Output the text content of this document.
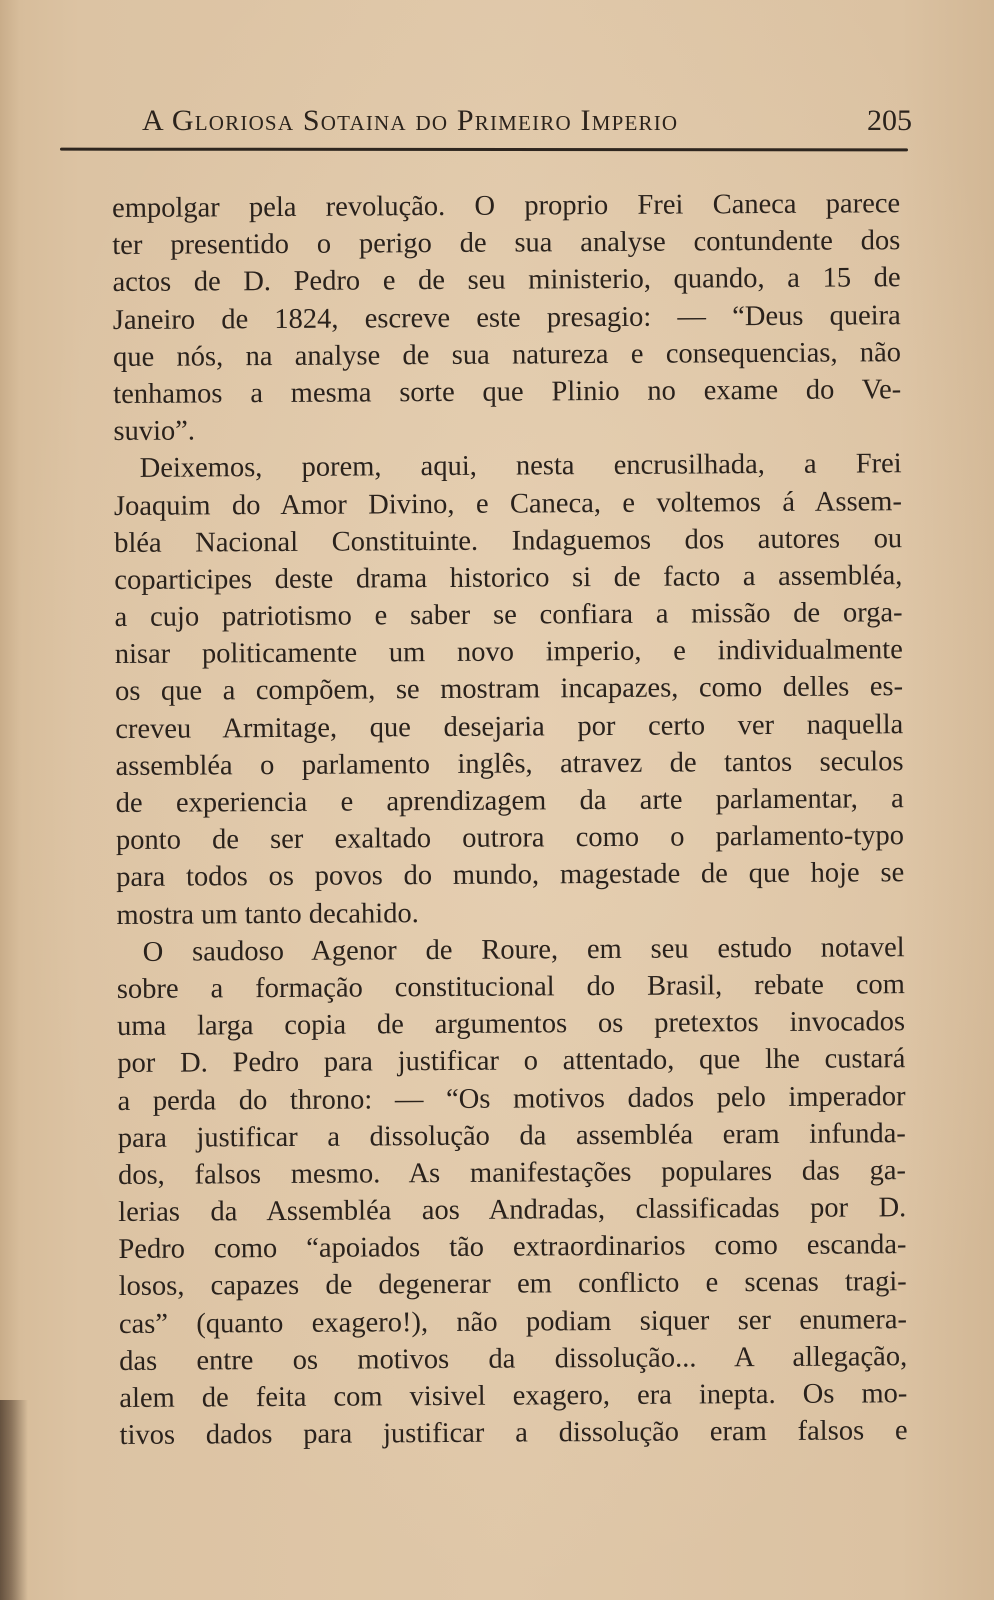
A Gloriosa Sotaina do Primeiro Imperio	205
empolgar pela revolução. O proprio Frei Caneca parece
ter presentido o perigo de sua analyse contundente dos
actos de D. Pedro e de seu ministerio, quando, a 15 de
Janeiro de 1824, escreve este presagio: — “Deus queira
que nós, na analyse de sua natureza e consequencias, não
tenhamos a mesma sorte que Plinio no exame do Ve-
suvio”.
Deixemos, porem, aqui, nesta encrusilhada, a Frei
Joaquim do Amor Divino, e Caneca, e voltemos á Assem-
bléa Nacional Constituinte. Indaguemos dos autores ou
coparticipes deste drama historico si de facto a assembléa,
a cujo patriotismo e saber se confiara a missão de orga-
nisar politicamente um novo imperio, e individualmente
os que a compõem, se mostram incapazes, como delles es-
creveu Armitage, que desejaria por certo ver naquella
assembléa o parlamento inglês, atravez de tantos seculos
de experiencia e aprendizagem da arte parlamentar, a
ponto de ser exaltado outrora como o parlamento-typo
para todos os povos do mundo, magestade de que hoje se
mostra um tanto decahido.
O saudoso Agenor de Roure, em seu estudo notavel
sobre a formação constitucional do Brasil, rebate com
uma larga copia de argumentos os pretextos invocados
por D. Pedro para justificar o attentado, que lhe custará
a perda do throno: — “Os motivos dados pelo imperador
para justificar a dissolução da assembléa eram infunda-
dos, falsos mesmo. As manifestações populares das ga-
lerias da Assembléa aos Andradas, classificadas por D.
Pedro como “apoiados tão extraordinarios como escanda-
losos, capazes de degenerar em conflicto e scenas tragi-
cas” (quanto exagero!), não podiam siquer ser enumera-
das entre os motivos da dissolução... A allegação,
alem de feita com visivel exagero, era inepta. Os mo-
tivos dados para justificar a dissolução eram falsos e
